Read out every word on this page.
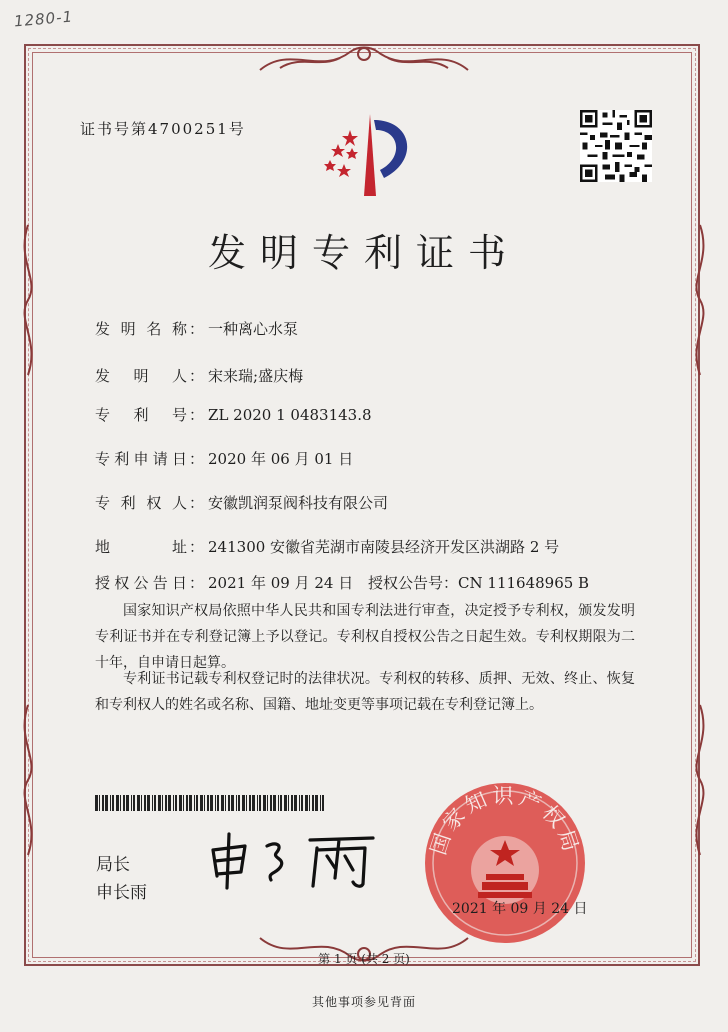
1280-1
证书号第4700251号
发明专利证书
发明名称 ： 一种离心水泵
发明人 ： 宋来瑞;盛庆梅
专利号 ： ZL 2020 1 0483143.8
专利申请日 ： 2020 年 06 月 01 日
专利权人 ： 安徽凯润泵阀科技有限公司
地址 ： 241300 安徽省芜湖市南陵县经济开发区洪湖路 2 号
授权公告日 ： 2021 年 09 月 24 日 授权公告号：CN 111648965 B
国家知识产权局依照中华人民共和国专利法进行审查，决定授予专利权，颁发发明专利证书并在专利登记簿上予以登记。专利权自授权公告之日起生效。专利权期限为二十年，自申请日起算。
专利证书记载专利权登记时的法律状况。专利权的转移、质押、无效、终止、恢复和专利权人的姓名或名称、国籍、地址变更等事项记载在专利登记簿上。
局长
申长雨
国家知识产权局
2021 年 09 月 24 日
第 1 页 (共 2 页)
其他事项参见背面
